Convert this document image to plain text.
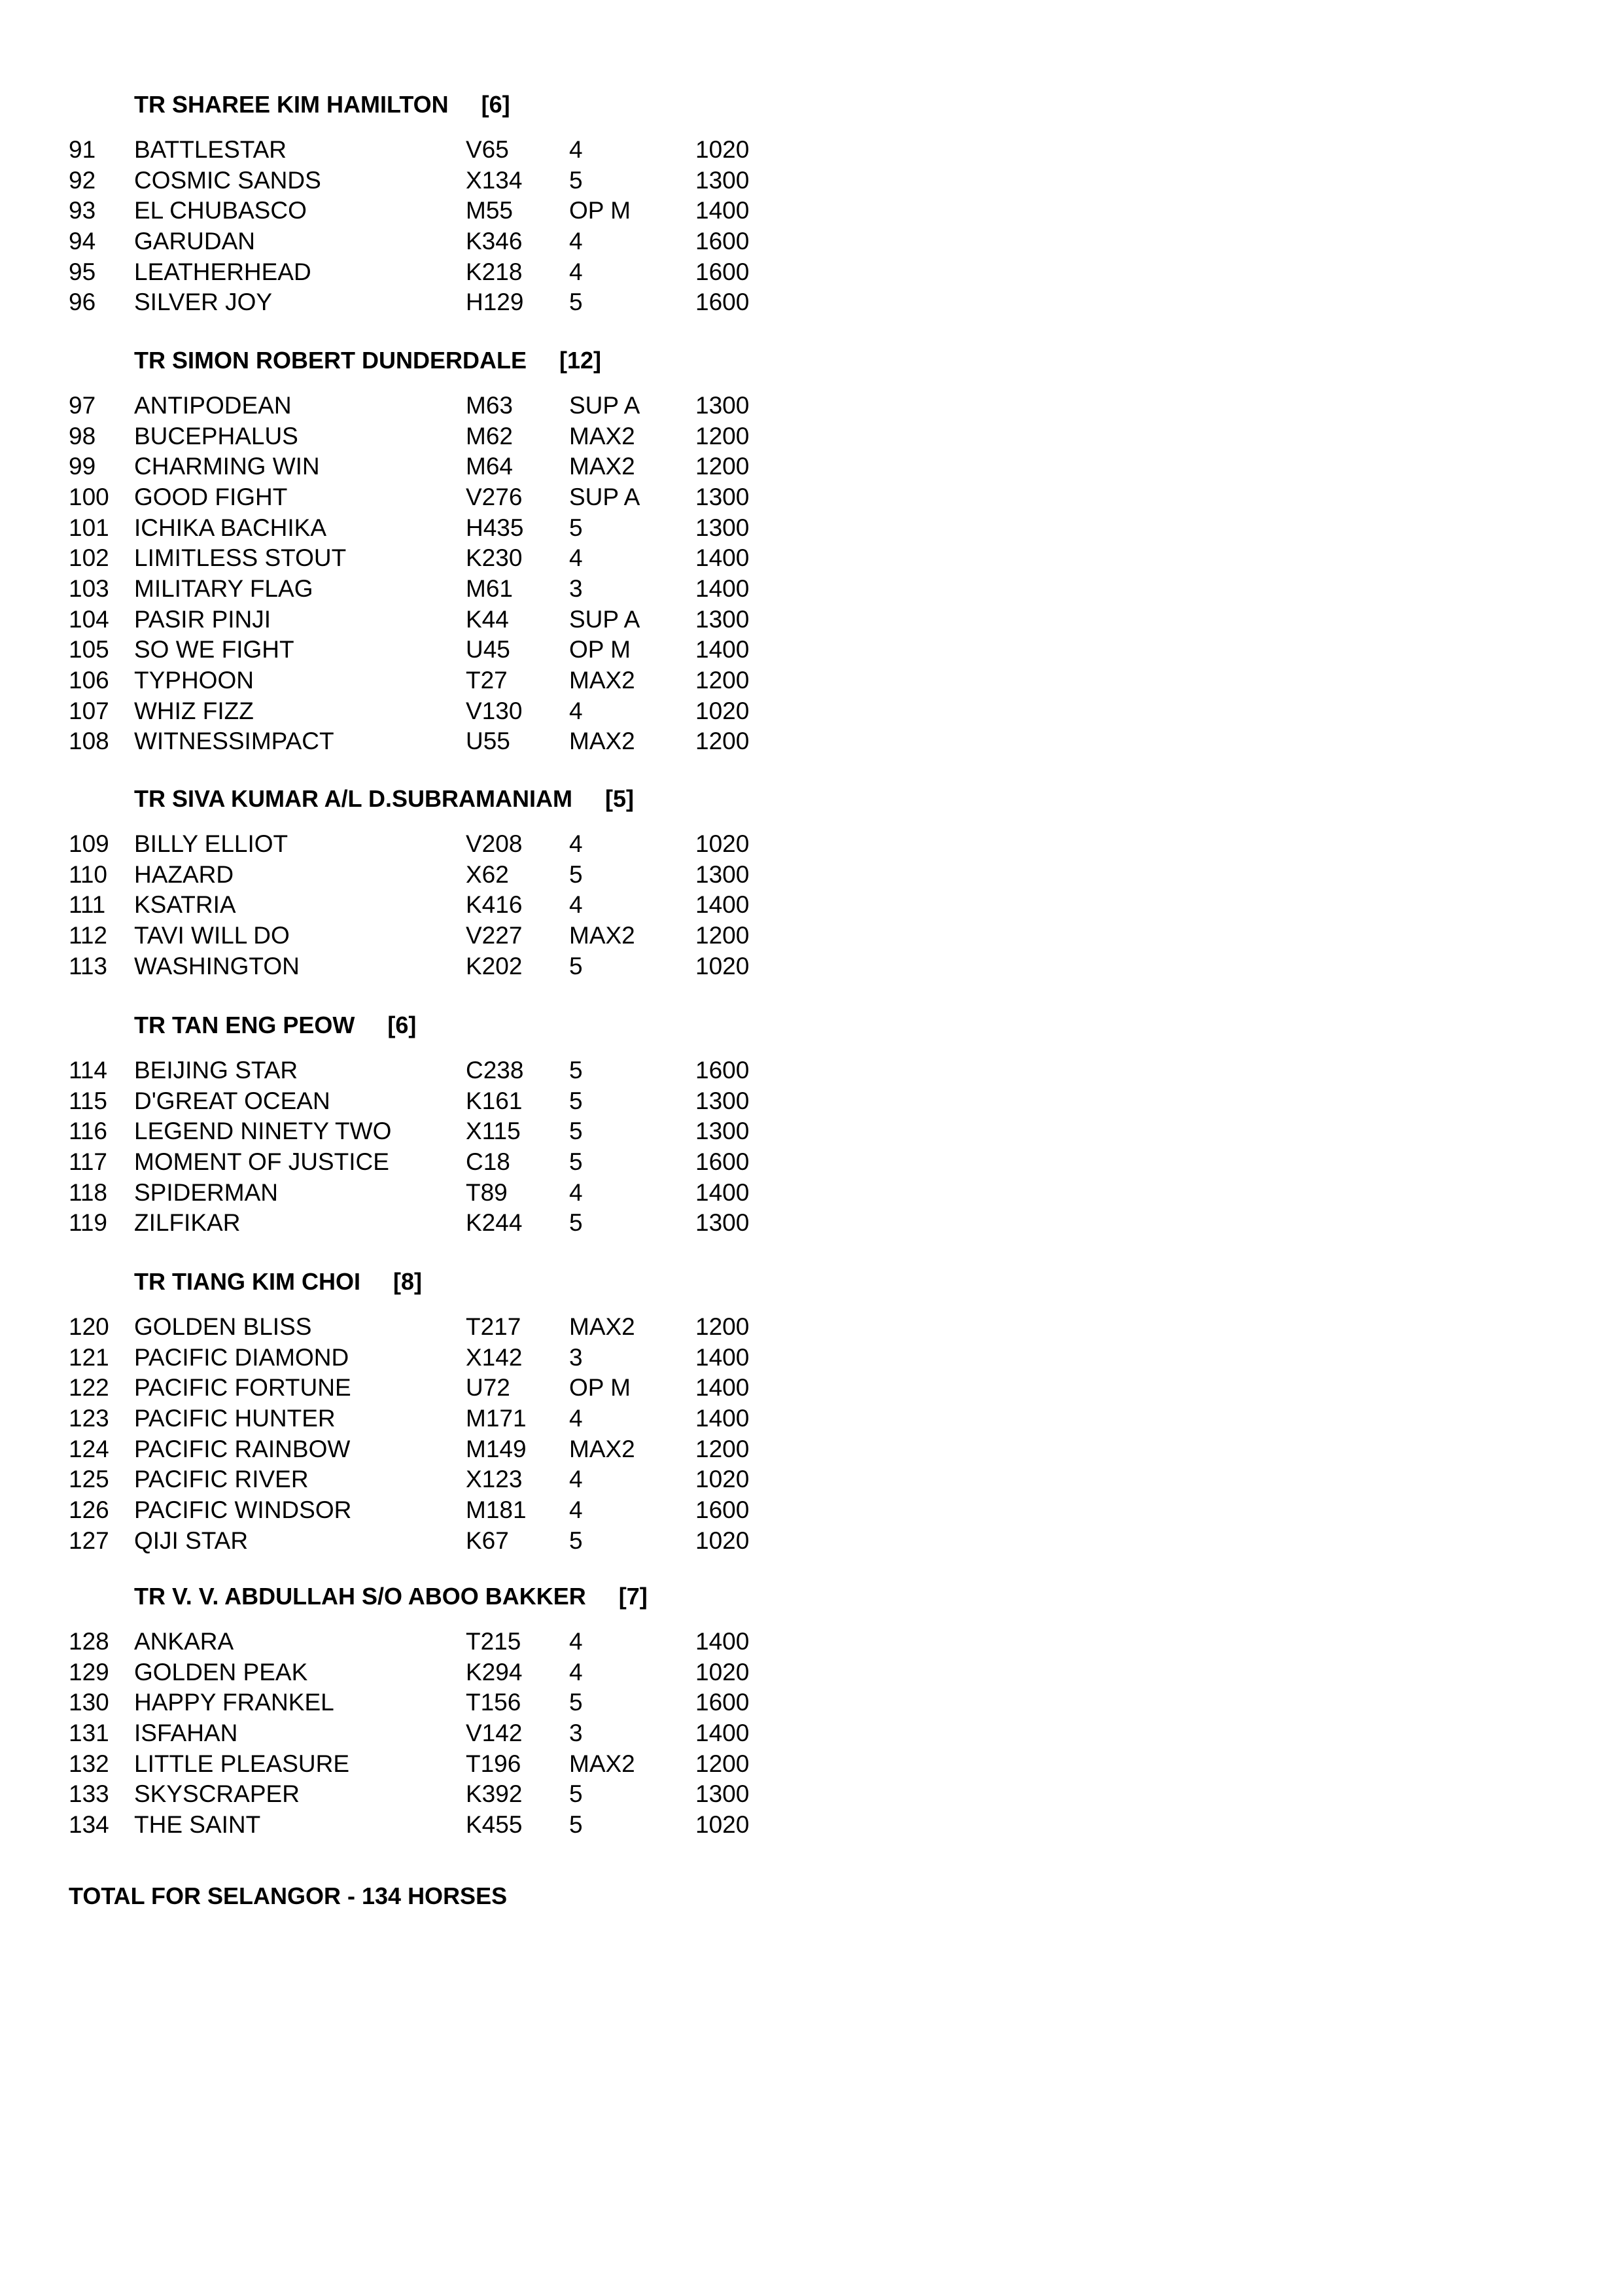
TR SHAREE KIM HAMILTON [6]
91 BATTLESTAR	V65 4	1020
92 COSMIC SANDS	X134 5	1300
93 EL CHUBASCO	M55 OP M	1400
94 GARUDAN	K346 4	1600
95 LEATHERHEAD	K218 4	1600
96 SILVER JOY	H129 5	1600
TR SIMON ROBERT DUNDERDALE [12]
97 ANTIPODEAN	M63 SUP A 1300
98 BUCEPHALUS	M62 MAX2 1200
99 CHARMING WIN	M64 MAX2 1200
100 GOOD FIGHT	V276 SUP A 1300
101 ICHIKA BACHIKA	H435 5	1300
102 LIMITLESS STOUT	K230 4	1400
103 MILITARY FLAG	M61 3	1400
104 PASIR PINJI	K44 SUP A 1300
105 SO WE FIGHT	U45 OP M	1400
106 TYPHOON	T27	MAX2 1200
107 WHIZ FIZZ	V130 4	1020
108 WITNESSIMPACT	U55 MAX2 1200
TR SIVA KUMAR A/L D.SUBRAMANIAM [5]
109 BILLY ELLIOT	V208 4	1020
110 HAZARD	X62 5	1300
111 KSATRIA	K416 4	1400
112 TAVI WILL DO	V227 MAX2 1200
113 WASHINGTON	K202 5	1020
TR TAN ENG PEOW [6]
114 BEIJING STAR	C238 5	1600
115 D'GREAT OCEAN	K161 5	1300
116 LEGEND NINETY TWO	X115 5	1300
117 MOMENT OF JUSTICE	C18 5	1600
118 SPIDERMAN	T89	4	1400
119 ZILFIKAR	K244 5	1300
TR TIANG KIM CHOI [8]
120 GOLDEN BLISS	T217 MAX2 1200
121 PACIFIC DIAMOND	X142 3	1400
122 PACIFIC FORTUNE	U72 OP M	1400
123 PACIFIC HUNTER	M171 4	1400
124 PACIFIC RAINBOW	M149 MAX2 1200
125 PACIFIC RIVER	X123 4	1020
126 PACIFIC WINDSOR	M181 4	1600
127 QIJI STAR	K67 5	1020
TR V. V. ABDULLAH S/O ABOO BAKKER [7]
128 ANKARA	T215 4	1400
129 GOLDEN PEAK	K294 4	1020
130 HAPPY FRANKEL	T156 5	1600
131 ISFAHAN	V142 3	1400
132 LITTLE PLEASURE	T196 MAX2 1200
133 SKYSCRAPER	K392 5	1300
134 THE SAINT	K455 5	1020
TOTAL FOR SELANGOR - 134 HORSES
